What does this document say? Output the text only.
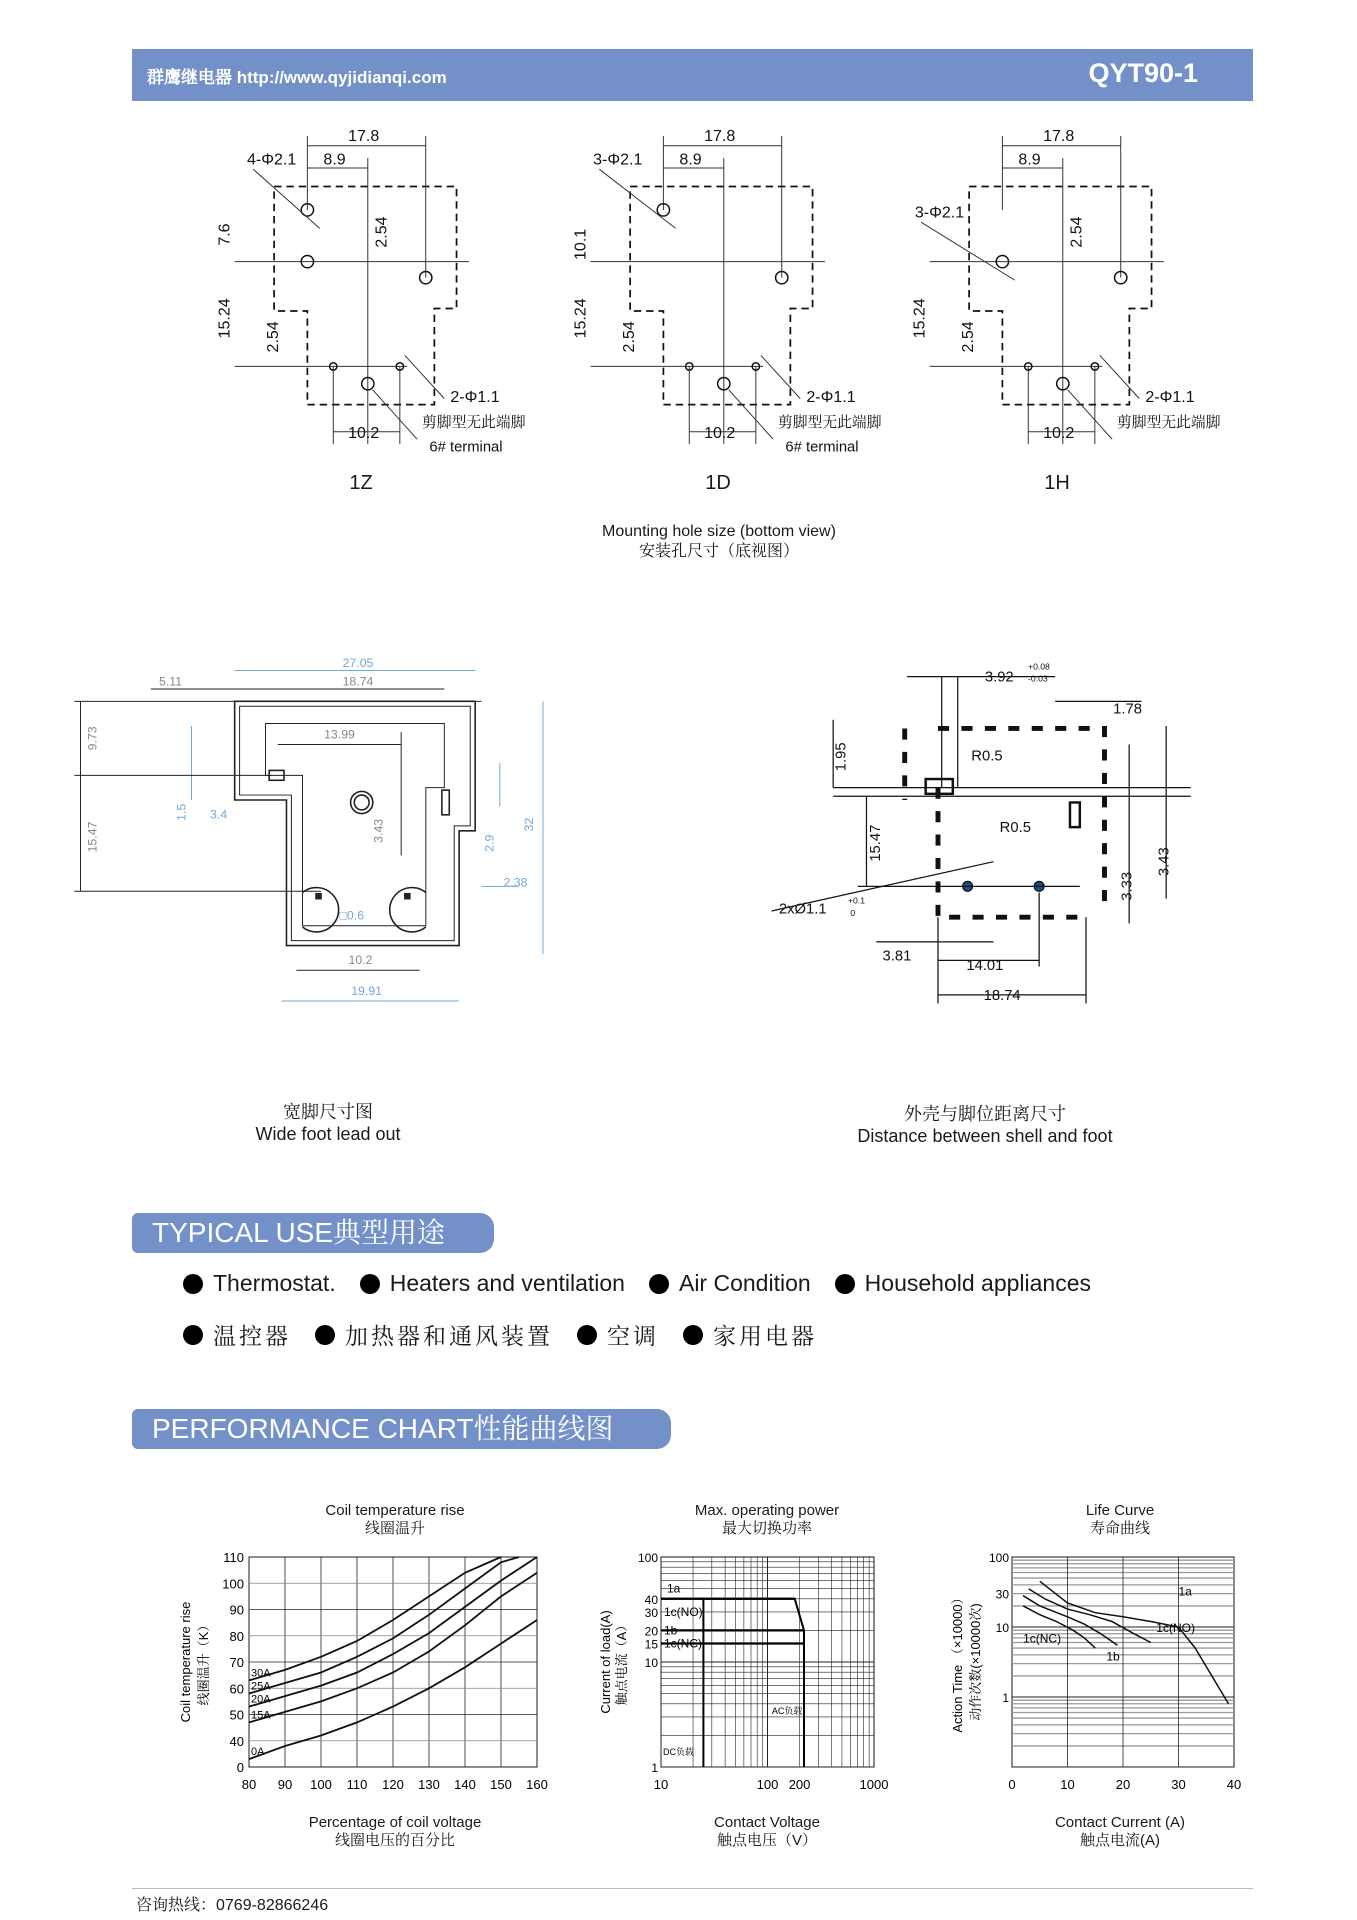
群鹰继电器 http://www.qyjidianqi.com	QYT90-1
17.8
8.9
4-Φ2.1
7.6
15.24 2.54
2.54
10.2
2-Φ1.1
剪脚型无此端脚
6# terminal
17.8
8.9
3-Φ2.1
10.1
15.24 2.54
10.2
2-Φ1.1
剪脚型无此端脚
6# terminal
17.8
8.9
3-Φ2.1
15.24 2.54
2.54
10.2
2-Φ1.1
剪脚型无此端脚
1Z	1D	1H
Mounting hole size (bottom view)
安装孔尺寸（底视图）
27.05
18.74
5.11
13.99
9.73
15.47
1.5 3.4
3.43
2.9
32
2.38
□0.6
10.2
19.91
3.92
+0.08
-0.03
1.78
1.95	R0.5
R0.5
15.47
3.33
3.43
2xØ1.1
+0.1
0
3.81
14.01
18.74
宽脚尺寸图
Wide foot lead out
外壳与脚位距离尺寸
Distance between shell and foot
TYPICAL USE典型用途
Thermostat. Heaters and ventilation Air Condition Household appliances
温控器 加热器和通风装置 空调 家用电器
PERFORMANCE CHART性能曲线图
Coil temperature rise
线圈温升
Max. operating power
最大切换功率
Life Curve
寿命曲线
Percentage of coil voltage
线圈电压的百分比
Contact Voltage
触点电压（V）
Contact Current (A)
触点电流(A)
80 90 100 110 120 130 140 150 160
0
40
50
60
70
80
90
100
110
0A
15A
20A
25A
30A
Coil temperature rise 线圈温升（K）
10	100 200	1000
1
10
15
20
30
40
100
DC负载
AC负载
1a
1c(NO)
1b
1c(NC)
Current of load(A) 触点电流（A）
0	10	20	30	40
1
10
30
100
1a
1c(NO)
1b
1c(NC)
Action Time （×10000） 动作次数(×10000次)
咨询热线：0769-82866246
